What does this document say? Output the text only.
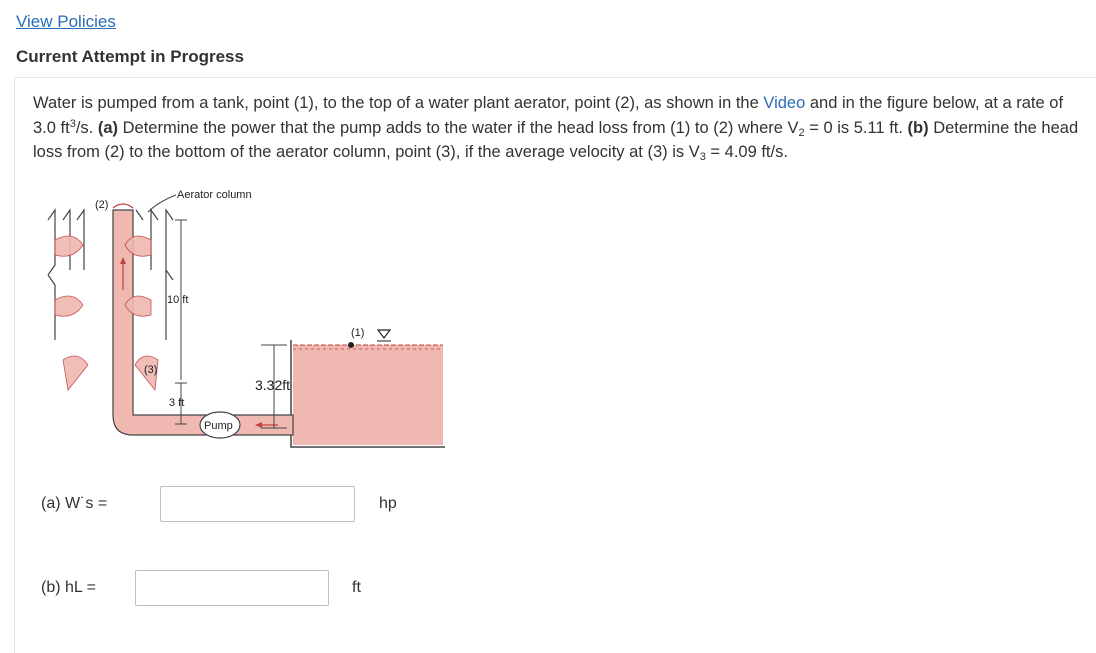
View Policies
Current Attempt in Progress
Water is pumped from a tank, point (1), to the top of a water plant aerator, point (2), as shown in the Video and in the figure below, at a rate of 3.0 $ft^3/s$. (a) Determine the power that the pump adds to the water if the head loss from (1) to (2) where $V_2 = 0$ is 5.11 ft. (b) Determine the head loss from (2) to the bottom of the aerator column, point (3), if the average velocity at (3) is $V_3 = 4.09$ ft/s.
(1)
Pump
(2)
Aerator column
10 ft
(3)
3 ft
3.32ft
(a) W˙s =	hp
(b) hL =	ft
